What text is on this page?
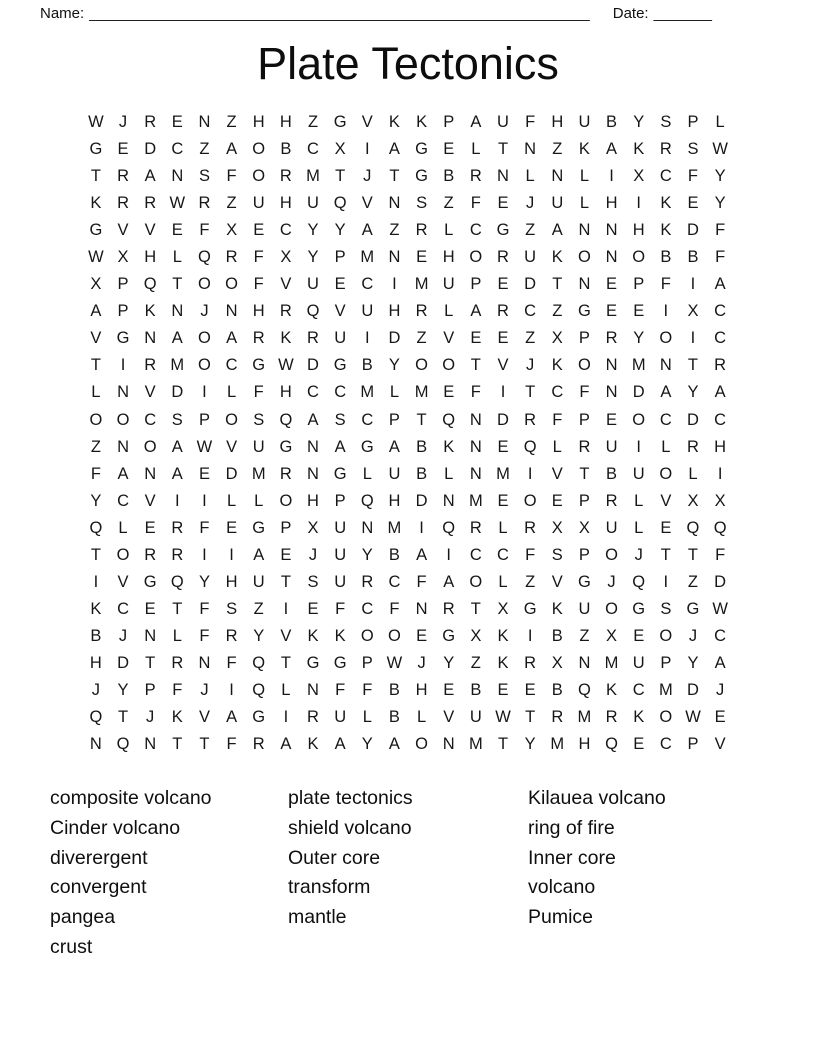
Name: ____________________________________________________________ Date: _______
Plate Tectonics
W J	R E N Z H H Z G V K K P A U F H U B Y S P	L
G E D C Z	A O B C X	I	A G E	L	T N Z	K A K R S W
T R A N S	F O R M T	J	T G B R N	L	N	L	I	X C F	Y
K R R W R Z U H U Q V N S	Z	F	E	J	U	L	H	I	K E Y
G V V E	F	X E C Y Y A	Z R	L	C G Z	A N N H K D F
W X H	L Q R F	X Y P M N E H O R U K O N O B B	F
X P Q T O O F	V U E C	I	M U P E D T N E P	F	I	A
A P K N	J	N H R Q V U H R	L	A R C Z G E E	I	X C
V G N A O A R K R U	I	D Z	V E E	Z	X P R Y O	I	C
T	I	R M O C G W D G B Y O O T	V	J	K O N M N T R
L	N V D	I	L	F H C C M L M E	F	I	T C F N D A Y A
O O C S P O S Q A S C P	T Q N D R F	P E O C D C
Z N O A W V U G N A G A B K N E Q L	R U	I	L	R H
F	A N A E D M R N G L	U B	L	N M	I	V	T	B U O L	I
Y C V	I	I	L	L O H P Q H D N M E O E P R	L	V X X
Q L	E R F	E G P X U N M	I	Q R	L	R X X U	L	E Q Q
T O R R	I	I	A E	J	U Y B A	I	C C F	S P O	J	T	T	F
I	V G Q Y H U T	S U R C F	A O L	Z	V G	J	Q	I	Z D
K C E	T	F	S	Z	I	E	F C F N R T	X G K U O G S G W
B	J	N	L	F R Y V K K O O E G X K	I	B	Z	X E O	J	C
H D T R N F Q T G G P W J	Y	Z	K R X N M U P Y A
J	Y P	F	J	I	Q L	N F	F	B H E B E E B Q K C M D	J
Q T	J	K V A G	I	R U	L	B	L	V U W T R M R K O W E
N Q N T	T	F R A K A Y A O N M T	Y M H Q E C P V
composite volcano
Cinder volcano
diverergent
convergent
pangea
crust
plate tectonics
shield volcano
Outer core
transform
mantle
Kilauea volcano
ring of fire
Inner core
volcano
Pumice
